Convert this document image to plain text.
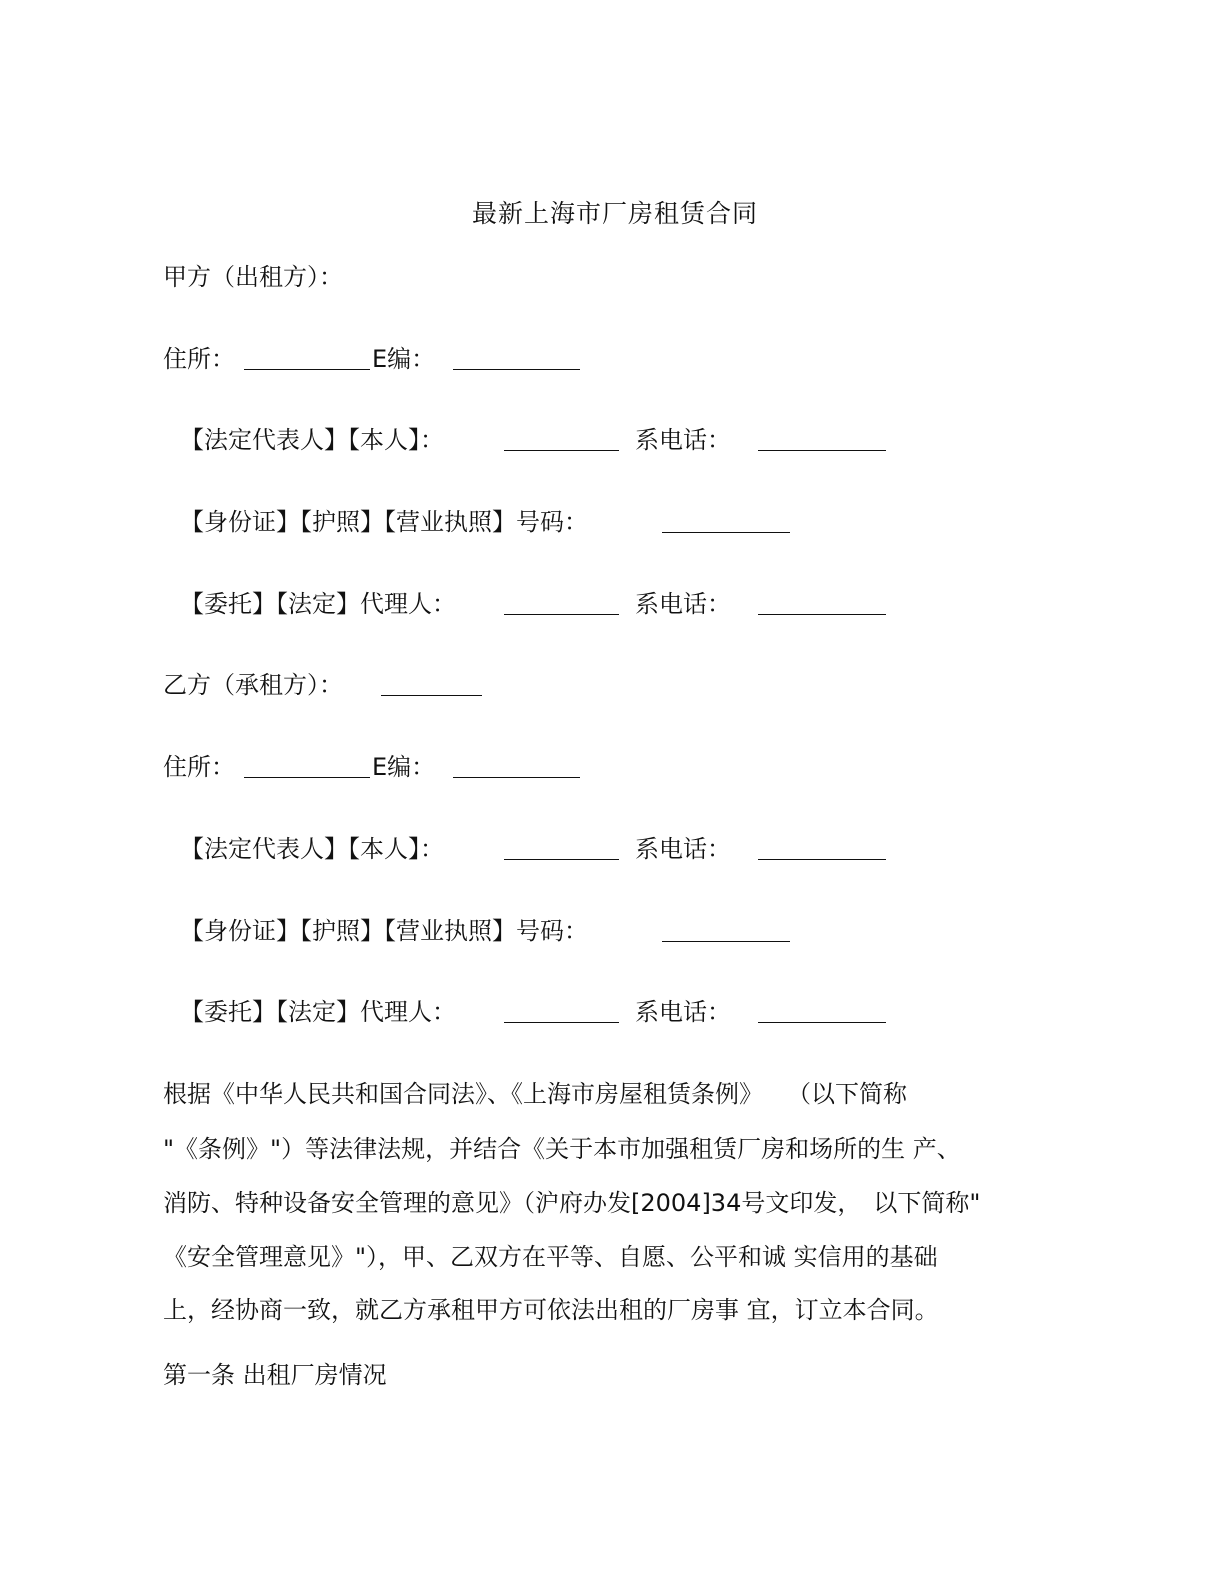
最新上海市厂房租赁合同
甲方（出租方）：
住所：	E编：
【法定代表人】【本人】：	系电话：
【身份证】【护照】【营业执照】号码：
【委托】【法定】代理人：	系电话：
乙方（承租方）：
住所：	E编：
【法定代表人】【本人】：	系电话：
【身份证】【护照】【营业执照】号码：
【委托】【法定】代理人：	系电话：
根据《中华人民共和国合同法》、《上海市房屋租赁条例》　　（以下简称
"《条例》"）等法律法规，并结合《关于本市加强租赁厂房和场所的生 产、
消防、特种设备安全管理的意见》（沪府办发[2004]34号文印发，　以下简称"
《安全管理意见》"），甲、乙双方在平等、自愿、公平和诚 实信用的基础
上，经协商一致，就乙方承租甲方可依法出租的厂房事 宜，订立本合同。
第一条 出租厂房情况
